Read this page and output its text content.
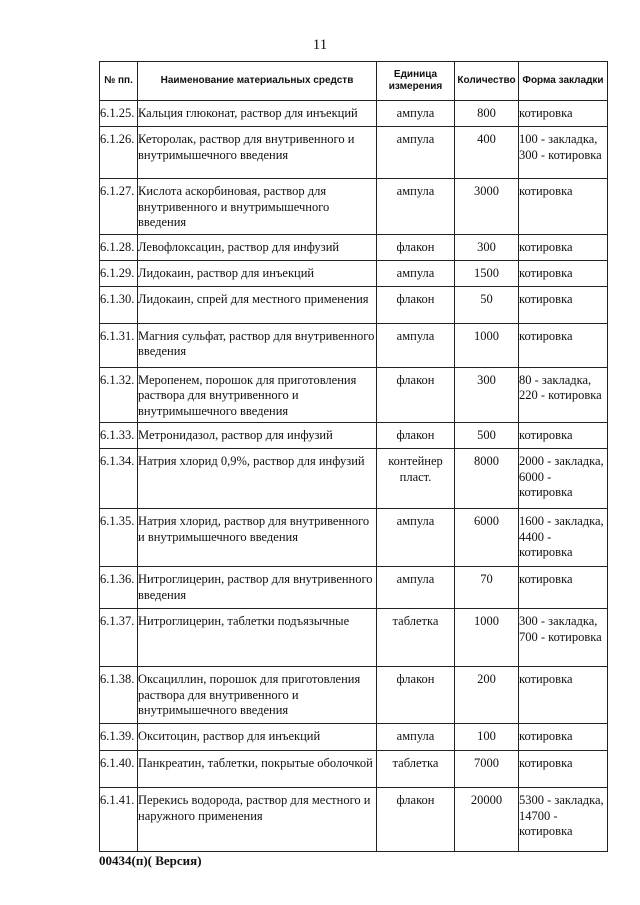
11
№ пп.	Наименование материальных средств	Единица измерения	Количество	Форма закладки
6.1.25.	Кальция глюконат, раствор для инъекций	ампула	800	котировка
6.1.26.	Кеторолак, раствор для внутривенного и внутримышечного введения	ампула	400	100 - закладка, 300 - котировка
6.1.27.	Кислота аскорбиновая, раствор для внутривенного и внутримышечного введения	ампула	3000	котировка
6.1.28.	Левофлоксацин, раствор для инфузий	флакон	300	котировка
6.1.29.	Лидокаин, раствор для инъекций	ампула	1500	котировка
6.1.30.	Лидокаин, спрей для местного применения	флакон	50	котировка
6.1.31.	Магния сульфат, раствор для внутривенного введения	ампула	1000	котировка
6.1.32.	Меропенем, порошок для приготовления раствора для внутривенного и внутримышечного введения	флакон	300	80 - закладка, 220 - котировка
6.1.33.	Метронидазол, раствор для инфузий	флакон	500	котировка
6.1.34.	Натрия хлорид 0,9%, раствор для инфузий	контейнер пласт.	8000	2000 - закладка, 6000 - котировка
6.1.35.	Натрия хлорид, раствор для внутривенного и внутримышечного введения	ампула	6000	1600 - закладка, 4400 - котировка
6.1.36.	Нитроглицерин, раствор для внутривенного введения	ампула	70	котировка
6.1.37.	Нитроглицерин, таблетки подъязычные	таблетка	1000	300 - закладка, 700 - котировка
6.1.38.	Оксациллин, порошок для приготовления раствора для внутривенного и внутримышечного введения	флакон	200	котировка
6.1.39.	Окситоцин, раствор для инъекций	ампула	100	котировка
6.1.40.	Панкреатин, таблетки, покрытые оболочкой	таблетка	7000	котировка
6.1.41.	Перекись водорода, раствор для местного и наружного применения	флакон	20000	5300 - закладка, 14700 - котировка
00434(п)( Версия)
